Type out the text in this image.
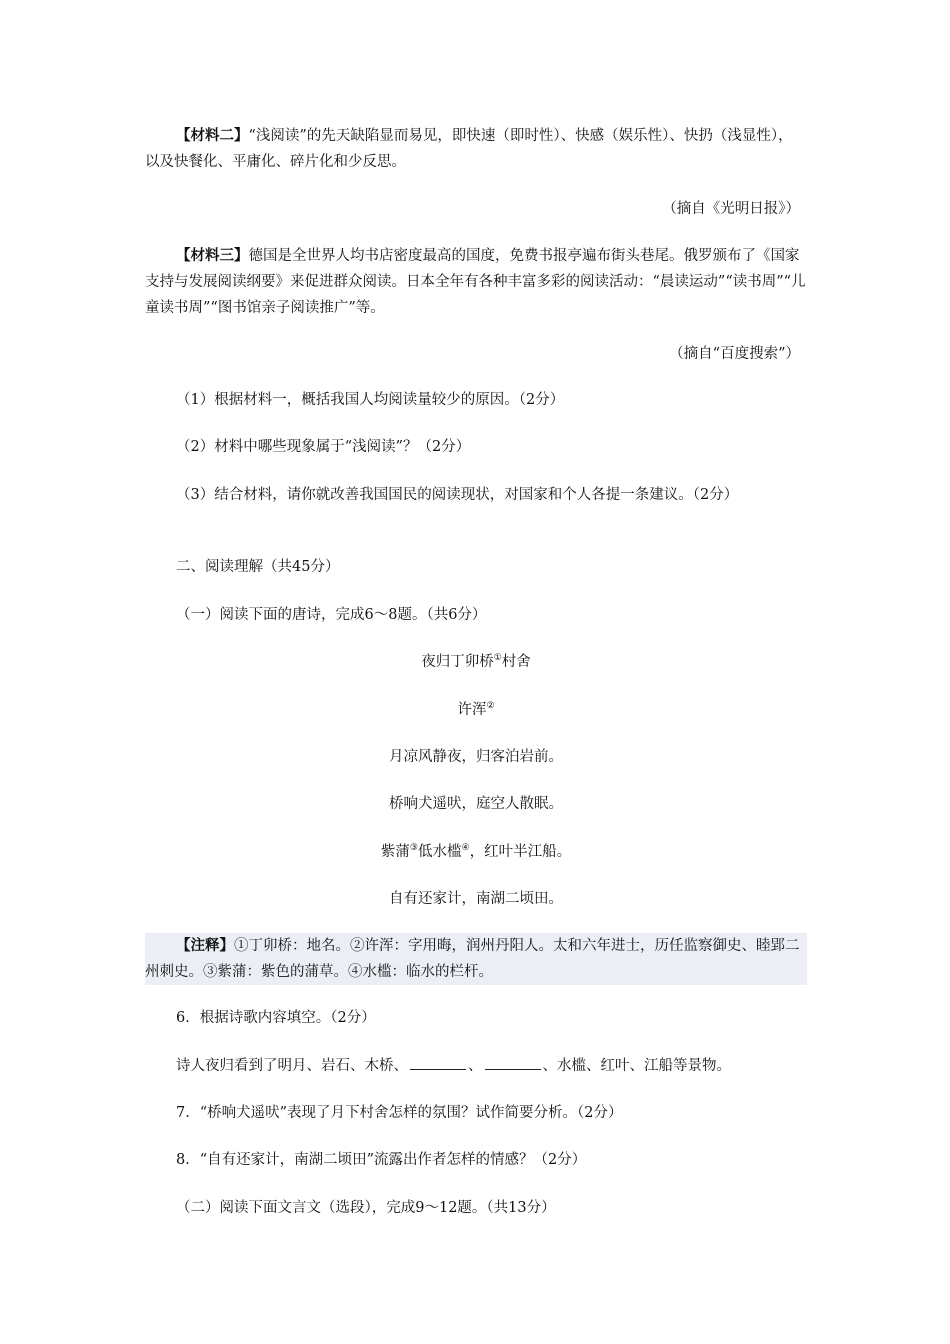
【材料二】“浅阅读”的先天缺陷显而易见，即快速（即时性）、快感（娱乐性）、快扔（浅显性），以及快餐化、平庸化、碎片化和少反思。

（摘自《光明日报》）

【材料三】德国是全世界人均书店密度最高的国度，免费书报亭遍布街头巷尾。俄罗颁布了《国家支持与发展阅读纲要》来促进群众阅读。日本全年有各种丰富多彩的阅读活动：“晨读运动”“读书周”“儿童读书周”“图书馆亲子阅读推广”等。

（摘自“百度搜索”）

（1）根据材料一，概括我国人均阅读量较少的原因。（2分）

（2）材料中哪些现象属于“浅阅读”？（2分）

（3）结合材料，请你就改善我国国民的阅读现状，对国家和个人各提一条建议。（2分）

二、阅读理解（共45分）

（一）阅读下面的唐诗，完成6～8题。（共6分）

夜归丁卯桥①村舍

许浑②

月凉风静夜，归客泊岩前。

桥响犬遥吠，庭空人散眠。

紫蒲③低水槛④，红叶半江船。

自有还家计，南湖二顷田。

【注释】①丁卯桥：地名。②许浑：字用晦，润州丹阳人。太和六年进士，历任监察御史、睦郢二州刺史。③紫蒲：紫色的蒲草。④水槛：临水的栏杆。

6．根据诗歌内容填空。（2分）

诗人夜归看到了明月、岩石、木桥、	、	、水槛、红叶、江船等景物。

7．“桥响犬遥吠”表现了月下村舍怎样的氛围？试作简要分析。（2分）

8．“自有还家计，南湖二顷田”流露出作者怎样的情感？（2分）

（二）阅读下面文言文（选段），完成9～12题。（共13分）
